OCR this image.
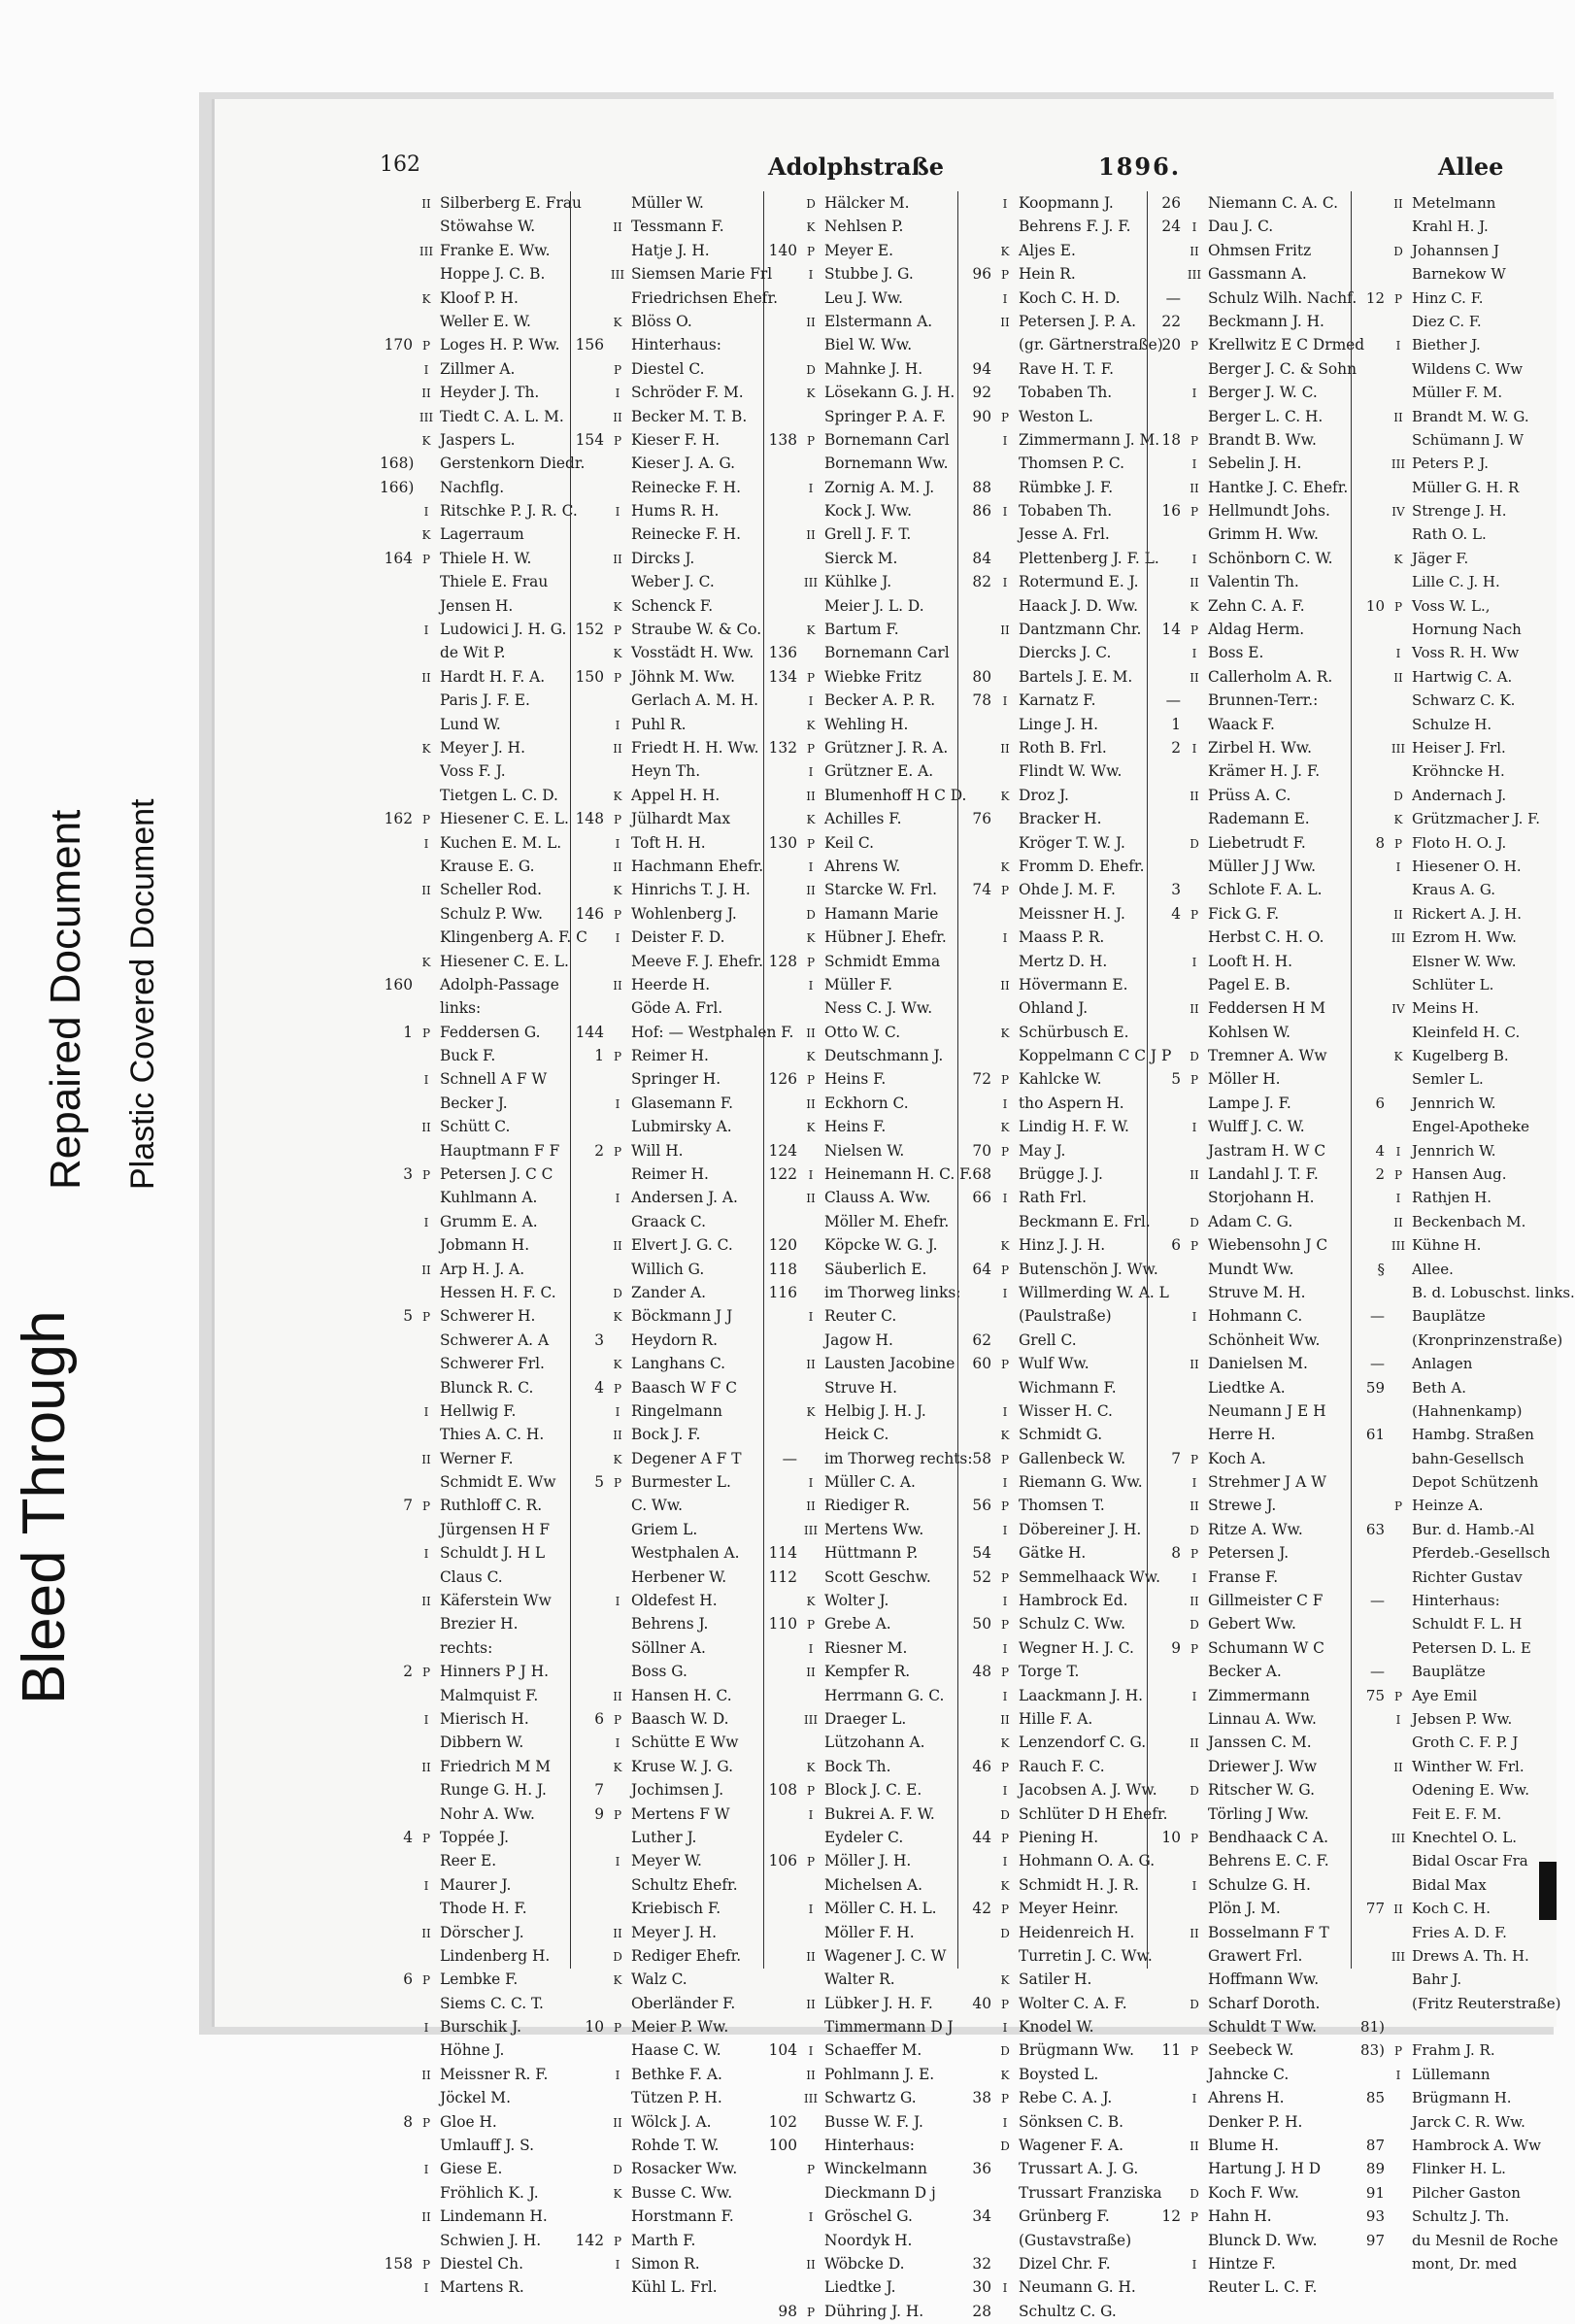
Bleed Through
Repaired Document Plastic Covered Document
162	Adolphstraße	1896.	Allee
II Silberberg E. Frau
Stöwahse W.
III Franke E. Ww.
Hoppe J. C. B.
K Kloof P. H.
Weller E. W.
170 P Loges H. P. Ww.
I Zillmer A.
II Heyder J. Th.
III Tiedt C. A. L. M.
K Jaspers L.
168) Gerstenkorn Diedr.
166) Nachflg.
I Ritschke P. J. R. C.
K Lagerraum
164 P Thiele H. W.
Thiele E. Frau
Jensen H.
I Ludowici J. H. G.
de Wit P.
II Hardt H. F. A.
Paris J. F. E.
Lund W.
K Meyer J. H.
Voss F. J.
Tietgen L. C. D.
162 P Hiesener C. E. L.
I Kuchen E. M. L.
Krause E. G.
II Scheller Rod.
Schulz P. Ww.
Klingenberg A. F. C
K Hiesener C. E. L.
160 Adolph-Passage
links:
1 P Feddersen G.
Buck F.
I Schnell A F W
Becker J.
II Schütt C.
Hauptmann F F
3 P Petersen J. C C
Kuhlmann A.
I Grumm E. A.
Jobmann H.
II Arp H. J. A.
Hessen H. F. C.
5 P Schwerer H.
Schwerer A. A
Schwerer Frl.
Blunck R. C.
I Hellwig F.
Thies A. C. H.
II Werner F.
Schmidt E. Ww
7 P Ruthloff C. R.
Jürgensen H F
I Schuldt J. H L
Claus C.
II Käferstein Ww
Brezier H.
rechts:
2 P Hinners P J H.
Malmquist F.
I Mierisch H.
Dibbern W.
II Friedrich M M
Runge G. H. J.
Nohr A. Ww.
4 P Toppée J.
Reer E.
I Maurer J.
Thode H. F.
II Dörscher J.
Lindenberg H.
6 P Lembke F.
Siems C. C. T.
I Burschik J.
Höhne J.
II Meissner R. F.
Jöckel M.
8 P Gloe H.
Umlauff J. S.
I Giese E.
Fröhlich K. J.
II Lindemann H.
Schwien J. H.
158 P Diestel Ch.
I Martens R.
Müller W.
II Tessmann F.
Hatje J. H.
III Siemsen Marie Frl
Friedrichsen Ehefr.
K Blöss O.
156 Hinterhaus:
P Diestel C.
I Schröder F. M.
II Becker M. T. B.
154 P Kieser F. H.
Kieser J. A. G.
Reinecke F. H.
I Hums R. H.
Reinecke F. H.
II Dircks J.
Weber J. C.
K Schenck F.
152 P Straube W. & Co.
K Vosstädt H. Ww.
150 P Jöhnk M. Ww.
Gerlach A. M. H.
I Puhl R.
II Friedt H. H. Ww.
Heyn Th.
K Appel H. H.
148 P Jülhardt Max
I Toft H. H.
II Hachmann Ehefr.
K Hinrichs T. J. H.
146 P Wohlenberg J.
I Deister F. D.
Meeve F. J. Ehefr.
II Heerde H.
Göde A. Frl.
144 Hof: — Westphalen F.
1 P Reimer H.
Springer H.
I Glasemann F.
Lubmirsky A.
2 P Will H.
Reimer H.
I Andersen J. A.
Graack C.
II Elvert J. G. C.
Willich G.
D Zander A.
K Böckmann J J
3 Heydorn R.
K Langhans C.
4 P Baasch W F C
I Ringelmann
II Bock J. F.
K Degener A F T
5 P Burmester L.
C. Ww.
Griem L.
Westphalen A.
Herbener W.
I Oldefest H.
Behrens J.
Söllner A.
Boss G.
II Hansen H. C.
6 P Baasch W. D.
I Schütte E Ww
K Kruse W. J. G.
7 Jochimsen J.
9 P Mertens F W
Luther J.
I Meyer W.
Schultz Ehefr.
Kriebisch F.
II Meyer J. H.
D Rediger Ehefr.
K Walz C.
Oberländer F.
10 P Meier P. Ww.
Haase C. W.
I Bethke F. A.
Tützen P. H.
II Wölck J. A.
Rohde T. W.
D Rosacker Ww.
K Busse C. Ww.
Horstmann F.
142 P Marth F.
I Simon R.
Kühl L. Frl.
D Hälcker M.
K Nehlsen P.
140 P Meyer E.
I Stubbe J. G.
Leu J. Ww.
II Elstermann A.
Biel W. Ww.
D Mahnke J. H.
K Lösekann G. J. H.
Springer P. A. F.
138 P Bornemann Carl
Bornemann Ww.
I Zornig A. M. J.
Kock J. Ww.
II Grell J. F. T.
Sierck M.
III Kühlke J.
Meier J. L. D.
K Bartum F.
136 Bornemann Carl
134 P Wiebke Fritz
I Becker A. P. R.
K Wehling H.
132 P Grützner J. R. A.
I Grützner E. A.
II Blumenhoff H C D.
K Achilles F.
130 P Keil C.
I Ahrens W.
II Starcke W. Frl.
D Hamann Marie
K Hübner J. Ehefr.
128 P Schmidt Emma
I Müller F.
Ness C. J. Ww.
II Otto W. C.
K Deutschmann J.
126 P Heins F.
II Eckhorn C.
K Heins F.
124 Nielsen W.
122 I Heinemann H. C. F.
II Clauss A. Ww.
Möller M. Ehefr.
120 Köpcke W. G. J.
118 Säuberlich E.
116 im Thorweg links:
I Reuter C.
Jagow H.
II Lausten Jacobine
Struve H.
K Helbig J. H. J.
Heick C.
— im Thorweg rechts:
I Müller C. A.
II Riediger R.
III Mertens Ww.
114 Hüttmann P.
112 Scott Geschw.
K Wolter J.
110 P Grebe A.
I Riesner M.
II Kempfer R.
Herrmann G. C.
III Draeger L.
Lützohann A.
K Bock Th.
108 P Block J. C. E.
I Bukrei A. F. W.
Eydeler C.
106 P Möller J. H.
Michelsen A.
I Möller C. H. L.
Möller F. H.
II Wagener J. C. W
Walter R.
II Lübker J. H. F.
Timmermann D J
104 I Schaeffer M.
II Pohlmann J. E.
III Schwartz G.
102 Busse W. F. J.
100 Hinterhaus:
P Winckelmann
Dieckmann D j
I Gröschel G.
Noordyk H.
II Wöbcke D.
Liedtke J.
98 P Dühring J. H.
I Koopmann J.
Behrens F. J. F.
K Aljes E.
96 P Hein R.
I Koch C. H. D.
II Petersen J. P. A.
(gr. Gärtnerstraße)
94 Rave H. T. F.
92 Tobaben Th.
90 P Weston L.
I Zimmermann J. M.
Thomsen P. C.
88 Rümbke J. F.
86 I Tobaben Th.
Jesse A. Frl.
84 Plettenberg J. F. L.
82 I Rotermund E. J.
Haack J. D. Ww.
II Dantzmann Chr.
Diercks J. C.
80 Bartels J. E. M.
78 I Karnatz F.
Linge J. H.
II Roth B. Frl.
Flindt W. Ww.
K Droz J.
76 Bracker H.
Kröger T. W. J.
K Fromm D. Ehefr.
74 P Ohde J. M. F.
Meissner H. J.
I Maass P. R.
Mertz D. H.
II Hövermann E.
Ohland J.
K Schürbusch E.
Koppelmann C C J P
72 P Kahlcke W.
I tho Aspern H.
K Lindig H. F. W.
70 P May J.
68 Brügge J. J.
66 I Rath Frl.
Beckmann E. Frl.
K Hinz J. J. H.
64 P Butenschön J. Ww.
I Willmerding W. A. L
(Paulstraße)
62 Grell C.
60 P Wulf Ww.
Wichmann F.
I Wisser H. C.
K Schmidt G.
58 P Gallenbeck W.
I Riemann G. Ww.
56 P Thomsen T.
I Döbereiner J. H.
54 Gätke H.
52 P Semmelhaack Ww.
I Hambrock Ed.
50 P Schulz C. Ww.
I Wegner H. J. C.
48 P Torge T.
I Laackmann J. H.
II Hille F. A.
K Lenzendorf C. G.
46 P Rauch F. C.
I Jacobsen A. J. Ww.
D Schlüter D H Ehefr.
44 P Piening H.
I Hohmann O. A. G.
K Schmidt H. J. R.
42 P Meyer Heinr.
D Heidenreich H.
Turretin J. C. Ww.
K Satiler H.
40 P Wolter C. A. F.
I Knodel W.
D Brügmann Ww.
K Boysted L.
38 P Rebe C. A. J.
I Sönksen C. B.
D Wagener F. A.
36 Trussart A. J. G.
Trussart Franziska
34 Grünberg F.
(Gustavstraße)
32 Dizel Chr. F.
30 I Neumann G. H.
28 Schultz C. G.
26 Niemann C. A. C.
24 I Dau J. C.
II Ohmsen Fritz
III Gassmann A.
— Schulz Wilh. Nachf.
22 Beckmann J. H.
20 P Krellwitz E C Drmed
Berger J. C. & Sohn
I Berger J. W. C.
Berger L. C. H.
18 P Brandt B. Ww.
I Sebelin J. H.
II Hantke J. C. Ehefr.
16 P Hellmundt Johs.
Grimm H. Ww.
I Schönborn C. W.
II Valentin Th.
K Zehn C. A. F.
14 P Aldag Herm.
I Boss E.
II Callerholm A. R.
— Brunnen-Terr.:
1 Waack F.
2 I Zirbel H. Ww.
Krämer H. J. F.
II Prüss A. C.
Rademann E.
D Liebetrudt F.
Müller J J Ww.
3 Schlote F. A. L.
4 P Fick G. F.
Herbst C. H. O.
I Looft H. H.
Pagel E. B.
II Feddersen H M
Kohlsen W.
D Tremner A. Ww
5 P Möller H.
Lampe J. F.
I Wulff J. C. W.
Jastram H. W C
II Landahl J. T. F.
Storjohann H.
D Adam C. G.
6 P Wiebensohn J C
Mundt Ww.
Struve M. H.
I Hohmann C.
Schönheit Ww.
II Danielsen M.
Liedtke A.
Neumann J E H
Herre H.
7 P Koch A.
I Strehmer J A W
II Strewe J.
D Ritze A. Ww.
8 P Petersen J.
I Franse F.
II Gillmeister C F
D Gebert Ww.
9 P Schumann W C
Becker A.
I Zimmermann
Linnau A. Ww.
II Janssen C. M.
Driewer J. Ww
D Ritscher W. G.
Törling J Ww.
10 P Bendhaack C A.
Behrens E. C. F.
I Schulze G. H.
Plön J. M.
II Bosselmann F T
Grawert Frl.
Hoffmann Ww.
D Scharf Doroth.
Schuldt T Ww.
11 P Seebeck W.
Jahncke C.
I Ahrens H.
Denker P. H.
II Blume H.
Hartung J. H D
D Koch F. Ww.
12 P Hahn H.
Blunck D. Ww.
I Hintze F.
Reuter L. C. F.
II Metelmann
Krahl H. J.
D Johannsen J
Barnekow W
12 P Hinz C. F.
Diez C. F.
I Biether J.
Wildens C. Ww
Müller F. M.
II Brandt M. W. G.
Schümann J. W
III Peters P. J.
Müller G. H. R
IV Strenge J. H.
Rath O. L.
K Jäger F.
Lille C. J. H.
10 P Voss W. L.,
Hornung Nach
I Voss R. H. Ww
II Hartwig C. A.
Schwarz C. K.
Schulze H.
III Heiser J. Frl.
Kröhncke H.
D Andernach J.
K Grützmacher J. F.
8 P Floto H. O. J.
I Hiesener O. H.
Kraus A. G.
II Rickert A. J. H.
III Ezrom H. Ww.
Elsner W. Ww.
Schlüter L.
IV Meins H.
Kleinfeld H. C.
K Kugelberg B.
Semler L.
6 Jennrich W.
Engel-Apotheke
4 I Jennrich W.
2 P Hansen Aug.
I Rathjen H.
II Beckenbach M.
III Kühne H.
§ Allee.
B. d. Lobuschst. links.
— Bauplätze
(Kronprinzenstraße)
— Anlagen
59 Beth A.
(Hahnenkamp)
61 Hambg. Straßen
bahn-Gesellsch
Depot Schützenh
P Heinze A.
63 Bur. d. Hamb.-Al
Pferdeb.-Gesellsch
Richter Gustav
— Hinterhaus:
Schuldt F. L. H
Petersen D. L. E
— Bauplätze
75 P Aye Emil
I Jebsen P. Ww.
Groth C. F. P. J
II Winther W. Frl.
Odening E. Ww.
Feit E. F. M.
III Knechtel O. L.
Bidal Oscar Fra
Bidal Max
77 II Koch C. H.
Fries A. D. F.
III Drews A. Th. H.
Bahr J.
(Fritz Reuterstraße)
81)
83) P Frahm J. R.
I Lüllemann
85 Brügmann H.
Jarck C. R. Ww.
87 Hambrock A. Ww
89 Flinker H. L.
91 Pilcher Gaston
93 Schultz J. Th.
97 du Mesnil de Roche
mont, Dr. med
